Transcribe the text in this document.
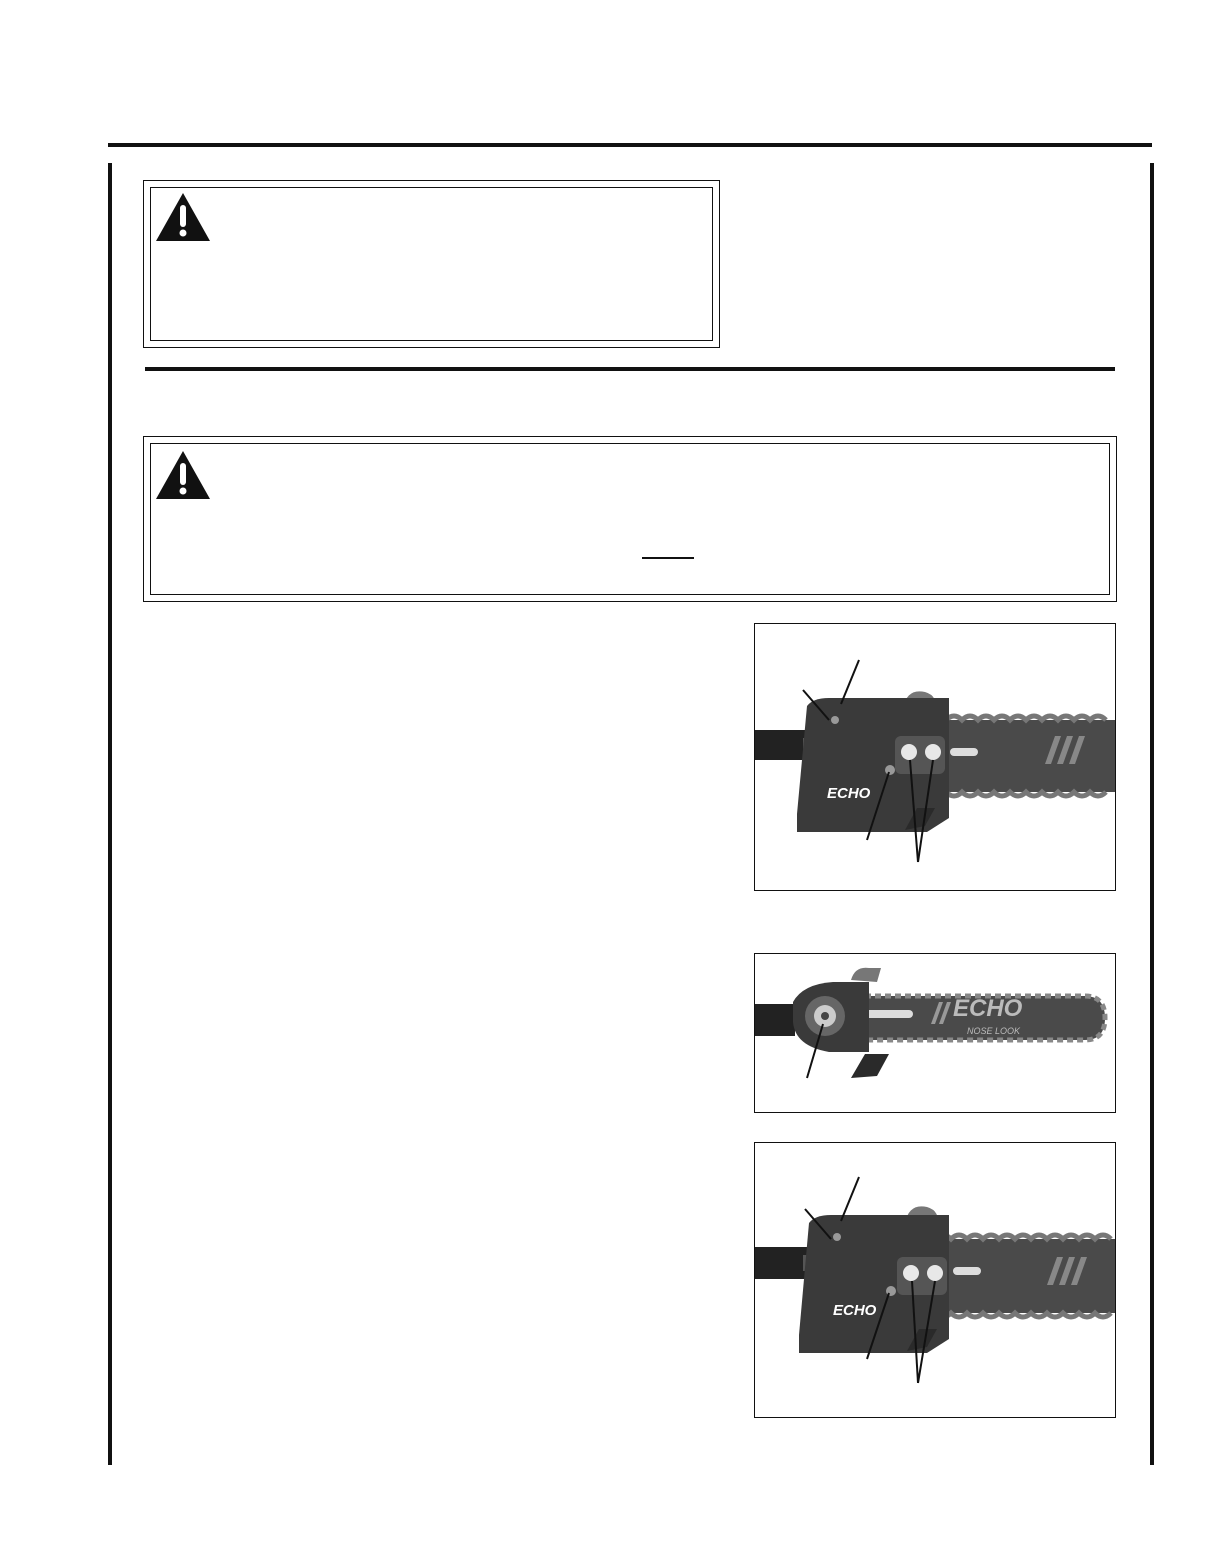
ECHO
ECHO
NOSE LOOK
ECHO
